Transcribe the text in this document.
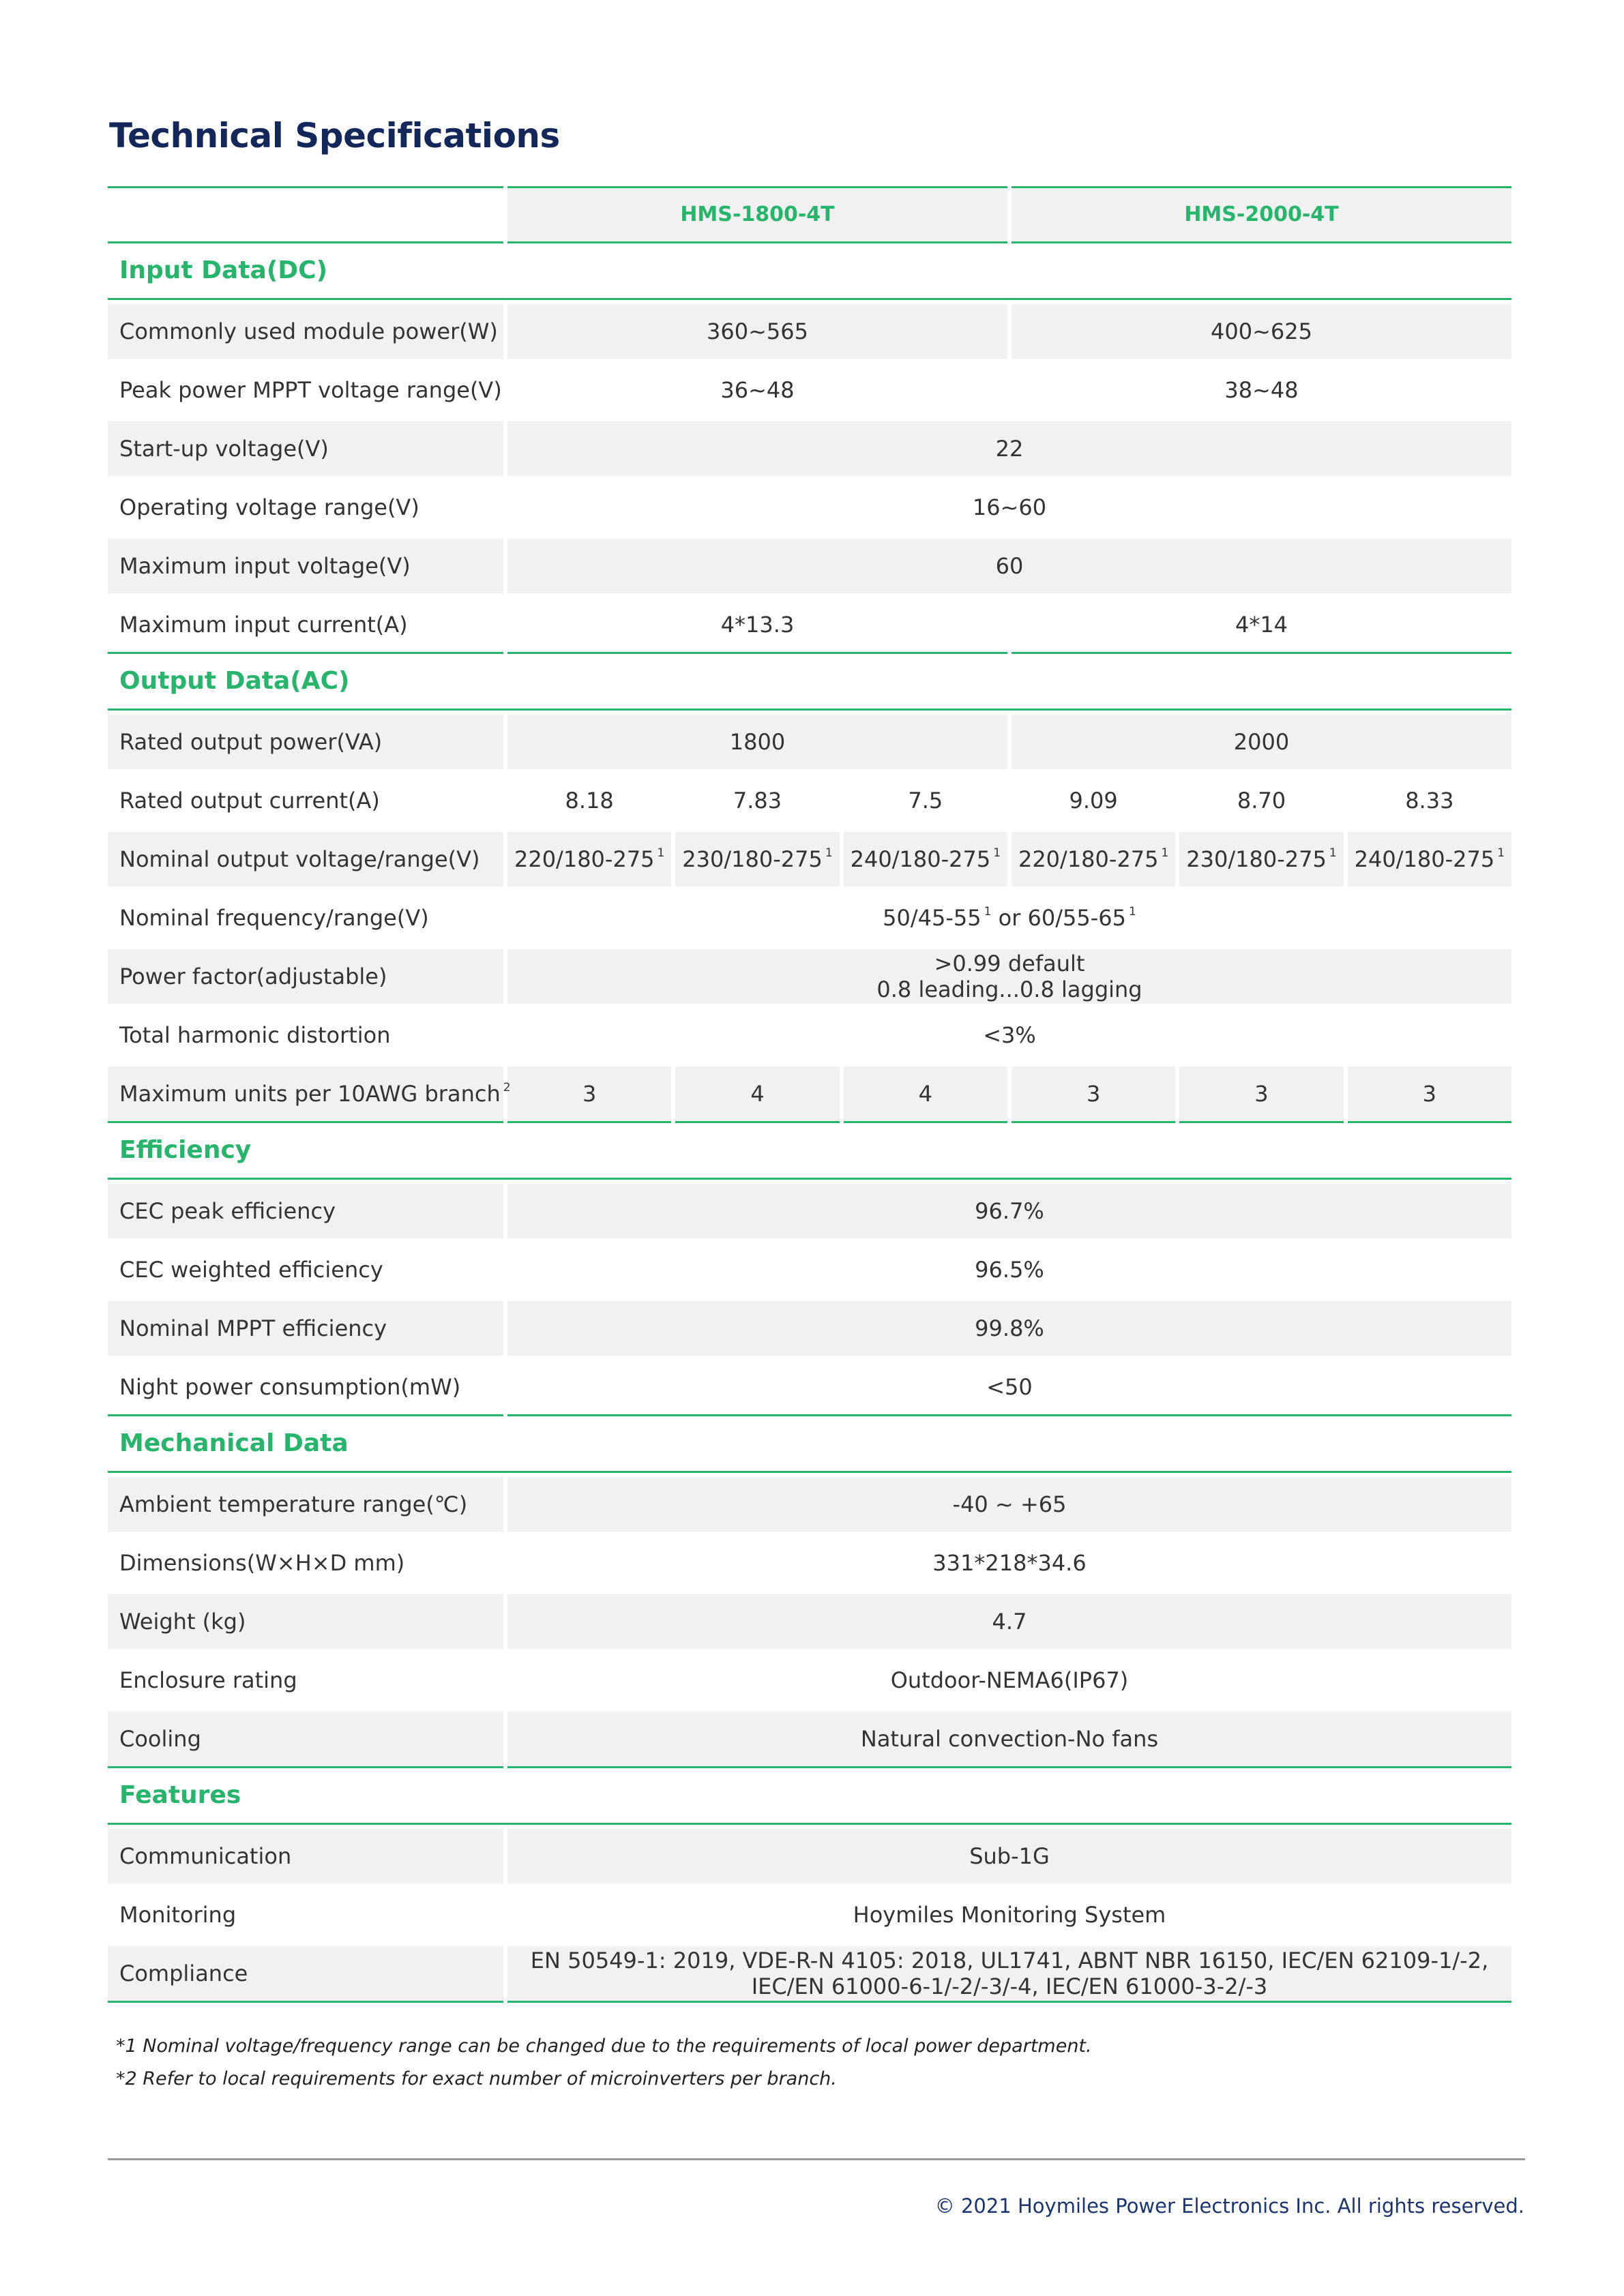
Technical Specifications
	HMS-1800-4T			HMS-2000-4T		
Input Data(DC)						
Commonly used module power(W)	360~565			400~625		
Peak power MPPT voltage range(V)	36~48			38~48		
Start-up voltage(V)	22					
Operating voltage range(V)	16~60					
Maximum input voltage(V)	60					
Maximum input current(A)	4*13.3			4*14		
Output Data(AC)						
Rated output power(VA)	1800			2000		
Rated output current(A)	8.18	7.83	7.5	9.09	8.70	8.33
Nominal output voltage/range(V)	220/180-275 $^1$	230/180-275 $^1$	240/180-275 $^1$	220/180-275 $^1$	230/180-275 $^1$	240/180-275 $^1$
Nominal frequency/range(V)	50/45-55 $^1$ or 60/55-65 $^1$
Power factor(adjustable)	>0.99 default
0.8 leading...0.8 lagging					

Total harmonic distortion	<3%					
Maximum units per 10AWG branch $^2$	3	4	4	3	3	3
Efficiency						
CEC peak efficiency	96.7%					
CEC weighted efficiency	96.5%					
Nominal MPPT efficiency	99.8%					
Night power consumption(mW)	<50					
Mechanical Data						
Ambient temperature range(℃)	-40 ~ +65					
Dimensions(W×H×D mm)	331*218*34.6					
Weight (kg)	4.7					
Enclosure rating	Outdoor-NEMA6(IP67)					
Cooling	Natural convection-No fans					
Features						
Communication	Sub-1G					
Monitoring	Hoymiles Monitoring System					
Compliance	EN 50549-1: 2019, VDE-R-N 4105: 2018, UL1741, ABNT NBR 16150, IEC/EN 62109-1/-2,
IEC/EN 61000-6-1/-2/-3/-4, IEC/EN 61000-3-2/-3					

*1 Nominal voltage/frequency range can be changed due to the requirements of local power department.

*2 Refer to local requirements for exact number of microinverters per branch.

© 2021 Hoymiles Power Electronics Inc. All rights reserved.
